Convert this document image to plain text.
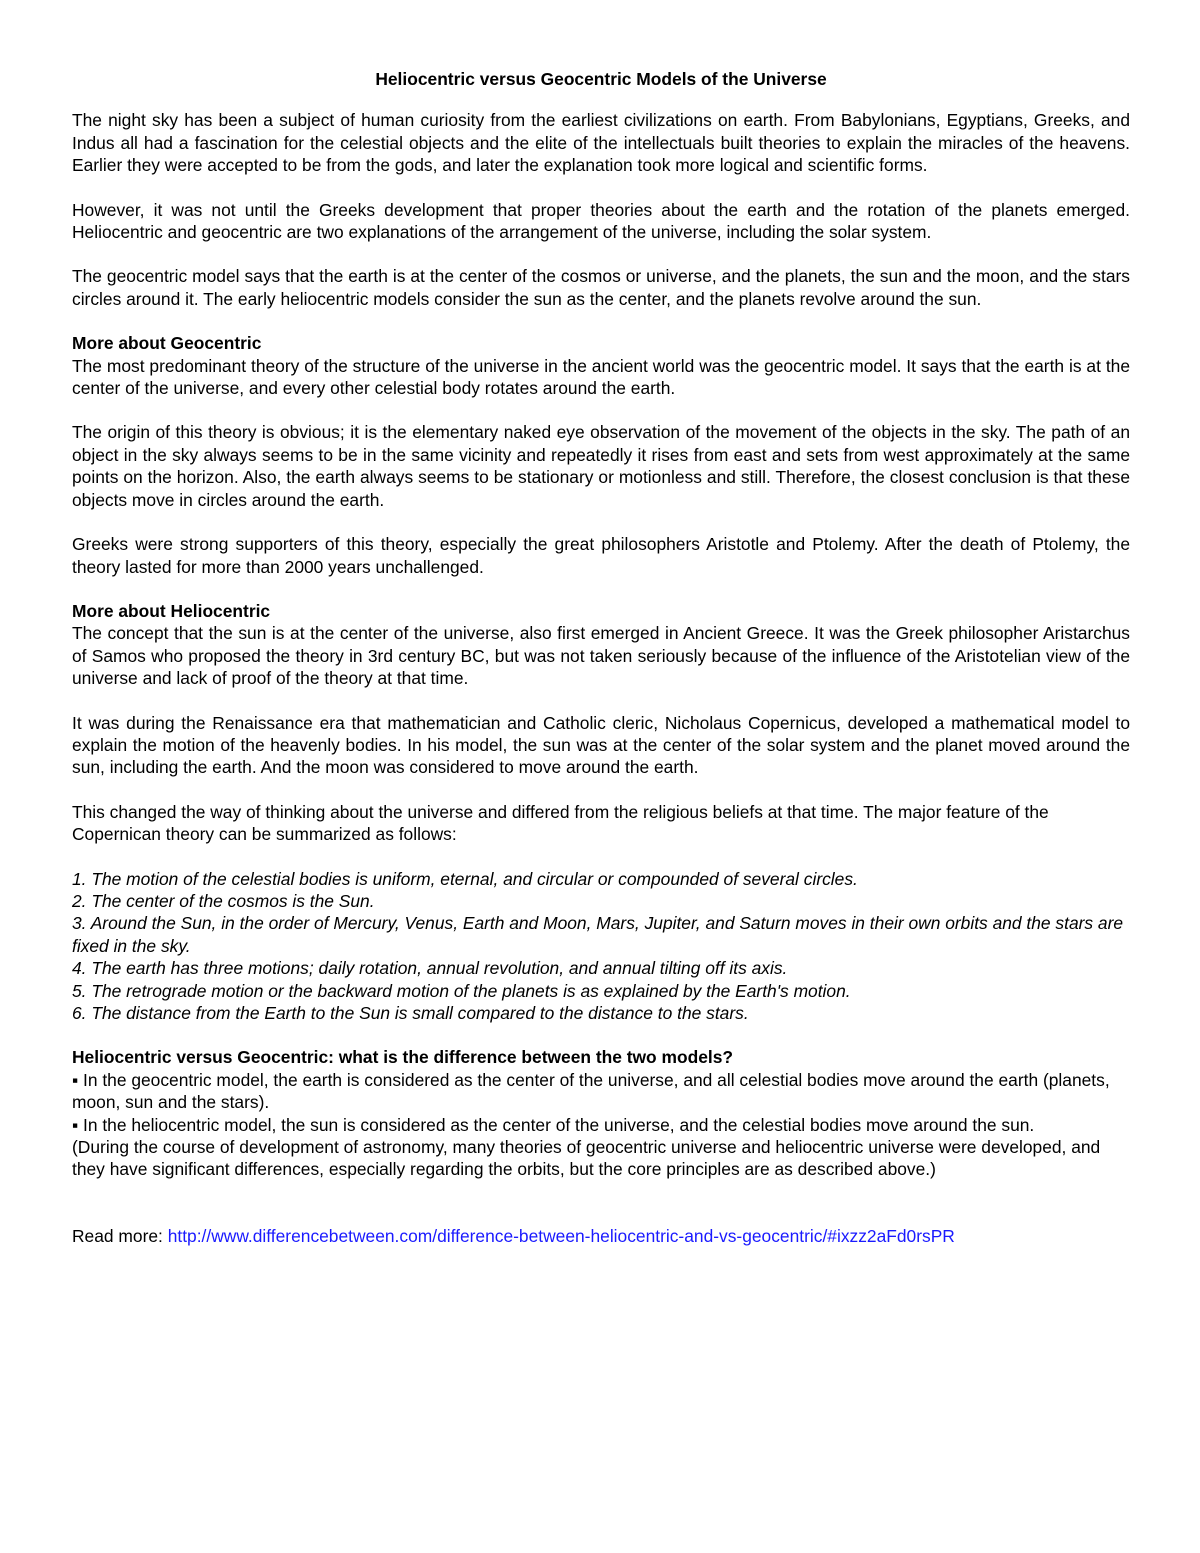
Heliocentric versus Geocentric Models of the Universe

The night sky has been a subject of human curiosity from the earliest civilizations on earth. From Babylonians, Egyptians, Greeks, and Indus all had a fascination for the celestial objects and the elite of the intellectuals built theories to explain the miracles of the heavens. Earlier they were accepted to be from the gods, and later the explanation took more logical and scientific forms.

However, it was not until the Greeks development that proper theories about the earth and the rotation of the planets emerged. Heliocentric and geocentric are two explanations of the arrangement of the universe, including the solar system.

The geocentric model says that the earth is at the center of the cosmos or universe, and the planets, the sun and the moon, and the stars circles around it. The early heliocentric models consider the sun as the center, and the planets revolve around the sun.

More about Geocentric

The most predominant theory of the structure of the universe in the ancient world was the geocentric model. It says that the earth is at the center of the universe, and every other celestial body rotates around the earth.

The origin of this theory is obvious; it is the elementary naked eye observation of the movement of the objects in the sky. The path of an object in the sky always seems to be in the same vicinity and repeatedly it rises from east and sets from west approximately at the same points on the horizon. Also, the earth always seems to be stationary or motionless and still. Therefore, the closest conclusion is that these objects move in circles around the earth.

Greeks were strong supporters of this theory, especially the great philosophers Aristotle and Ptolemy. After the death of Ptolemy, the theory lasted for more than 2000 years unchallenged.

More about Heliocentric

The concept that the sun is at the center of the universe, also first emerged in Ancient Greece. It was the Greek philosopher Aristarchus of Samos who proposed the theory in 3rd century BC, but was not taken seriously because of the influence of the Aristotelian view of the universe and lack of proof of the theory at that time.

It was during the Renaissance era that mathematician and Catholic cleric, Nicholaus Copernicus, developed a mathematical model to explain the motion of the heavenly bodies. In his model, the sun was at the center of the solar system and the planet moved around the sun, including the earth. And the moon was considered to move around the earth.

This changed the way of thinking about the universe and differed from the religious beliefs at that time. The major feature of the Copernican theory can be summarized as follows:

1. The motion of the celestial bodies is uniform, eternal, and circular or compounded of several circles.

2. The center of the cosmos is the Sun.

3. Around the Sun, in the order of Mercury, Venus, Earth and Moon, Mars, Jupiter, and Saturn moves in their own orbits and the stars are fixed in the sky.

4. The earth has three motions; daily rotation, annual revolution, and annual tilting off its axis.

5. The retrograde motion or the backward motion of the planets is as explained by the Earth's motion.

6. The distance from the Earth to the Sun is small compared to the distance to the stars.

Heliocentric versus Geocentric: what is the difference between the two models?

▪ In the geocentric model, the earth is considered as the center of the universe, and all celestial bodies move around the earth (planets, moon, sun and the stars).

▪ In the heliocentric model, the sun is considered as the center of the universe, and the celestial bodies move around the sun.

(During the course of development of astronomy, many theories of geocentric universe and heliocentric universe were developed, and they have significant differences, especially regarding the orbits, but the core principles are as described above.)

Read more: http://www.differencebetween.com/difference-between-heliocentric-and-vs-geocentric/#ixzz2aFd0rsPR
